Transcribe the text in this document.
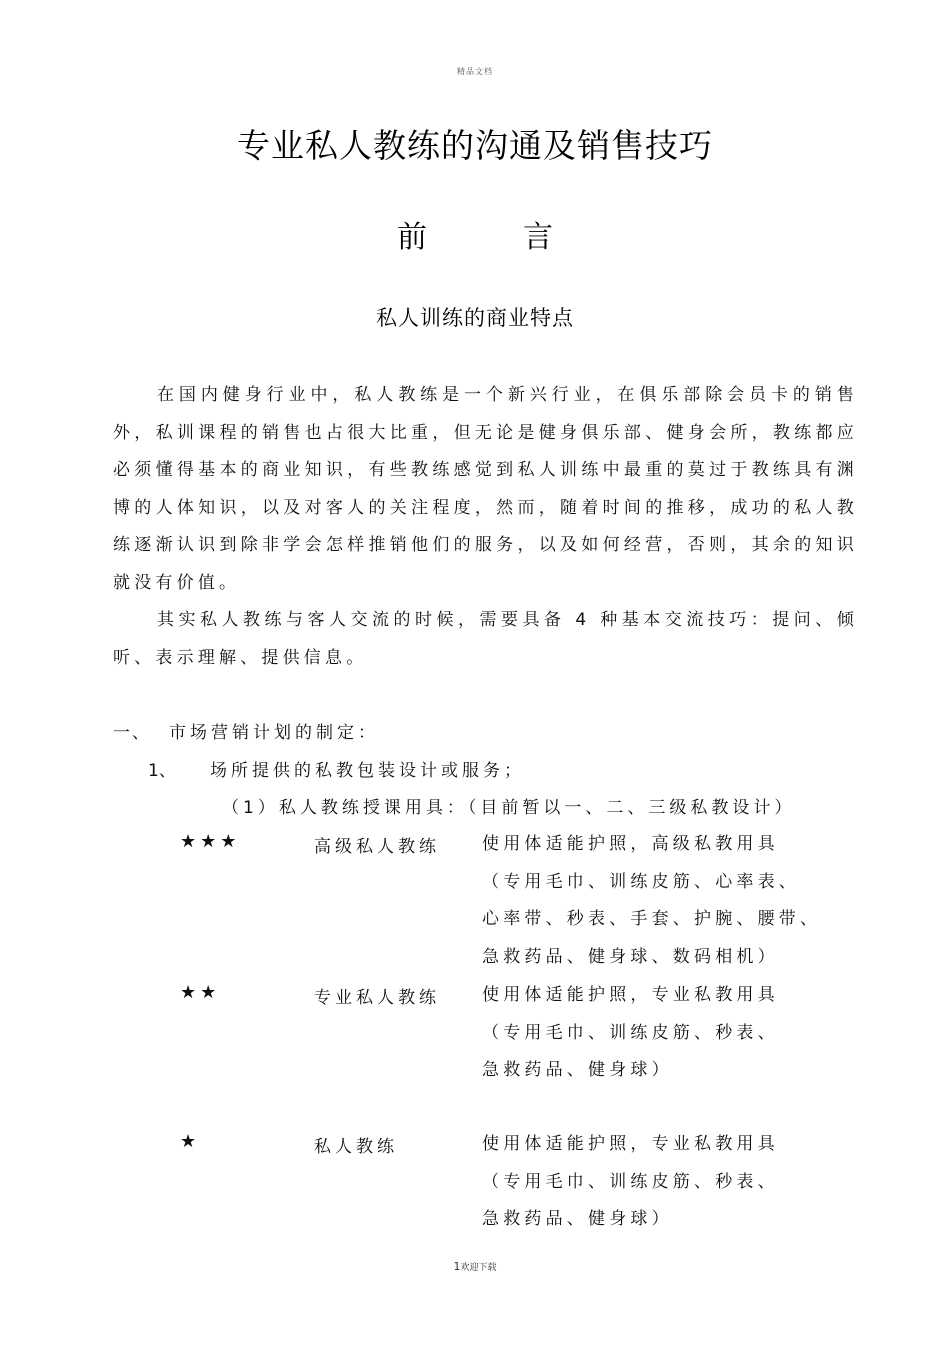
精品文档
专业私人教练的沟通及销售技巧
前	言
私人训练的商业特点

在国内健身行业中，私人教练是一个新兴行业，在俱乐部除会员卡的销售外，私训课程的销售也占很大比重，但无论是健身俱乐部、健身会所，教练都应必须懂得基本的商业知识，有些教练感觉到私人训练中最重的莫过于教练具有渊博的人体知识，以及对客人的关注程度，然而，随着时间的推移，成功的私人教练逐渐认识到除非学会怎样推销他们的服务，以及如何经营，否则，其余的知识就没有价值。

其实私人教练与客人交流的时候，需要具备 4 种基本交流技巧：提问、倾听、表示理解、提供信息。

一、 市场营销计划的制定：
1、 场所提供的私教包装设计或服务；
（1）私人教练授课用具：（目前暂以一、二、三级私教设计）
★★★	高级私人教练 使用体适能护照，高级私教用具
（专用毛巾、训练皮筋、心率表、
心率带、秒表、手套、护腕、腰带、
急救药品、健身球、数码相机）
★★	专业私人教练 使用体适能护照，专业私教用具
（专用毛巾、训练皮筋、秒表、
急救药品、健身球）
★	私人教练	使用体适能护照，专业私教用具
（专用毛巾、训练皮筋、秒表、
急救药品、健身球）
1欢迎下载
